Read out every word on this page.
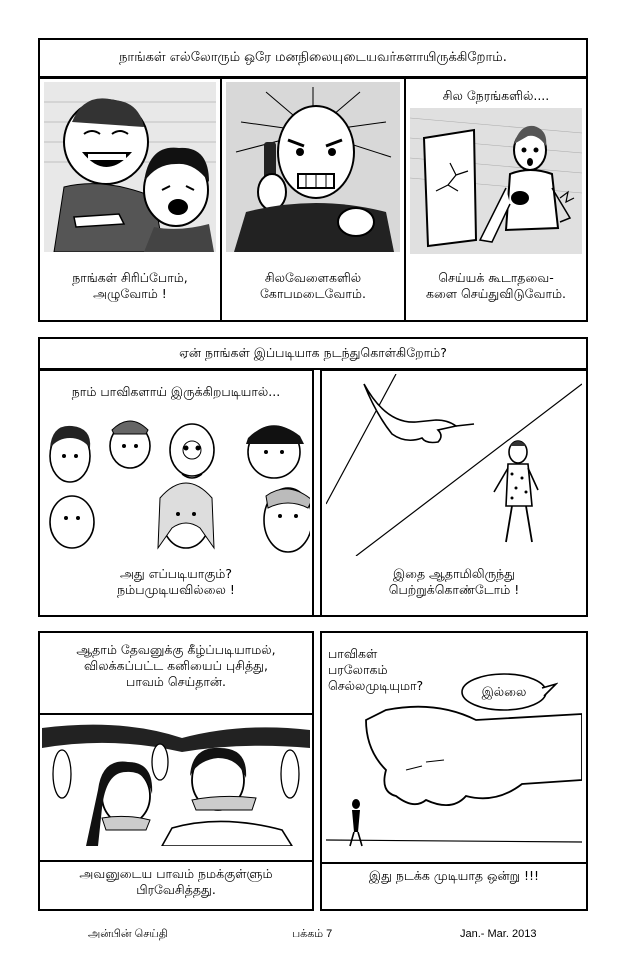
நாங்கள் எல்லோரும் ஒரே மனநிலையுடையவர்களாயிருக்கிறோம்.
நாங்கள் சிரிப்போம்,
அழுவோம் !
சிலவேளைகளில்
கோபமடைவோம்.
சில நேரங்களில்....
செய்யக் கூடாதவை-
களை செய்துவிடுவோம்.
ஏன் நாங்கள் இப்படியாக நடந்துகொள்கிறோம்?
நாம் பாவிகளாய் இருக்கிறபடியால்...
அது எப்படியாகும்?
நம்பமுடியவில்லை !
இதை ஆதாமிலிருந்து
பெற்றுக்கொண்டோம் !
ஆதாம் தேவனுக்கு கீழ்ப்படியாமல்,
விலக்கப்பட்ட கனியைப் புசித்து,
பாவம் செய்தான்.
அவனுடைய பாவம் நமக்குள்ளும்
பிரவேசித்தது.
பாவிகள் பரலோகம்
செல்லமுடியுமா?	இல்லை
இது நடக்க முடியாத ஒன்று !!!
அன்பின் செய்தி	பக்கம் 7	Jan.- Mar. 2013
